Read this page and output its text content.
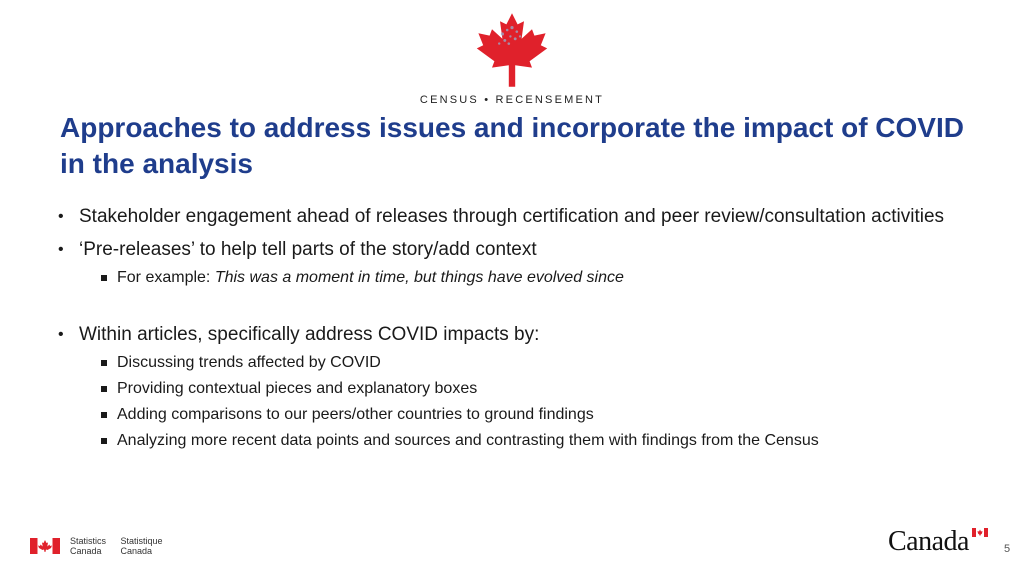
CENSUS • RECENSEMENT
Approaches to address issues and incorporate the impact of COVID in the analysis
• Stakeholder engagement ahead of releases through certification and peer review/consultation activities
• ‘Pre-releases’ to help tell parts of the story/add context
For example: This was a moment in time, but things have evolved since
• Within articles, specifically address COVID impacts by:
Discussing trends affected by COVID
Providing contextual pieces and explanatory boxes
Adding comparisons to our peers/other countries to ground findings
Analyzing more recent data points and sources and contrasting them with findings from the Census
Statistics
Canada Statistique
Canada	Canada	5
